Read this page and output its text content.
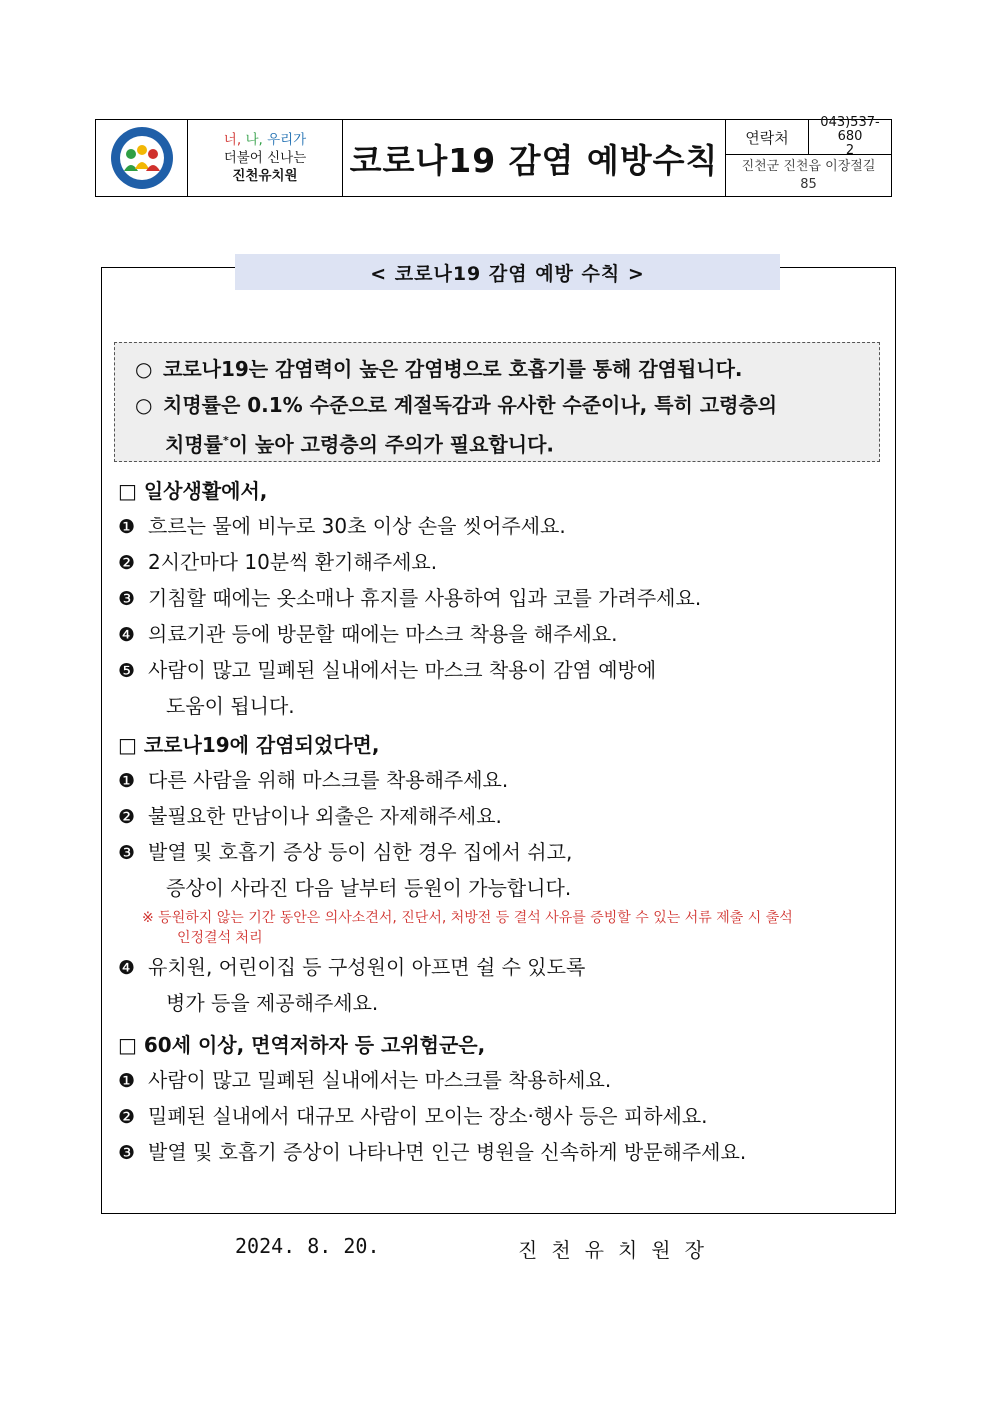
너, 나, 우리가
더불어 신나는
진천유치원 코로나19 감염 예방수칙
연락처
043)537-680
2
진천군 진천읍 이장절길
85
< 코로나19 감염 예방 수칙 >
○ 코로나19는 감염력이 높은 감염병으로 호흡기를 통해 감염됩니다.
○ 치명률은 0.1% 수준으로 계절독감과 유사한 수준이나, 특히 고령층의
치명률*이 높아 고령층의 주의가 필요합니다.
□ 일상생활에서,
❶ 흐르는 물에 비누로 30초 이상 손을 씻어주세요.
❷ 2시간마다 10분씩 환기해주세요.
❸ 기침할 때에는 옷소매나 휴지를 사용하여 입과 코를 가려주세요.
❹ 의료기관 등에 방문할 때에는 마스크 착용을 해주세요.
❺ 사람이 많고 밀폐된 실내에서는 마스크 착용이 감염 예방에
도움이 됩니다.
□ 코로나19에 감염되었다면,
❶ 다른 사람을 위해 마스크를 착용해주세요.
❷ 불필요한 만남이나 외출은 자제해주세요.
❸ 발열 및 호흡기 증상 등이 심한 경우 집에서 쉬고,
증상이 사라진 다음 날부터 등원이 가능합니다.
※ 등원하지 않는 기간 동안은 의사소견서, 진단서, 처방전 등 결석 사유를 증빙할 수 있는 서류 제출 시 출석
인정결석 처리
❹ 유치원, 어린이집 등 구성원이 아프면 쉴 수 있도록
병가 등을 제공해주세요.
□ 60세 이상, 면역저하자 등 고위험군은,
❶ 사람이 많고 밀폐된 실내에서는 마스크를 착용하세요.
❷ 밀폐된 실내에서 대규모 사람이 모이는 장소·행사 등은 피하세요.
❸ 발열 및 호흡기 증상이 나타나면 인근 병원을 신속하게 방문해주세요.
2024. 8. 20.	진천유치원장
